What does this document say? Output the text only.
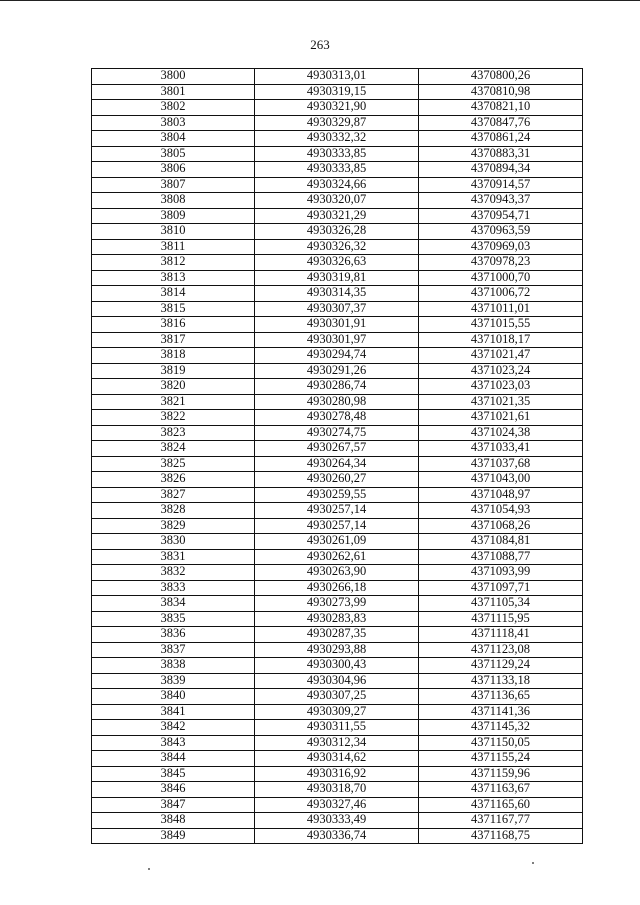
263
3800	4930313,01	4370800,26
3801	4930319,15	4370810,98
3802	4930321,90	4370821,10
3803	4930329,87	4370847,76
3804	4930332,32	4370861,24
3805	4930333,85	4370883,31
3806	4930333,85	4370894,34
3807	4930324,66	4370914,57
3808	4930320,07	4370943,37
3809	4930321,29	4370954,71
3810	4930326,28	4370963,59
3811	4930326,32	4370969,03
3812	4930326,63	4370978,23
3813	4930319,81	4371000,70
3814	4930314,35	4371006,72
3815	4930307,37	4371011,01
3816	4930301,91	4371015,55
3817	4930301,97	4371018,17
3818	4930294,74	4371021,47
3819	4930291,26	4371023,24
3820	4930286,74	4371023,03
3821	4930280,98	4371021,35
3822	4930278,48	4371021,61
3823	4930274,75	4371024,38
3824	4930267,57	4371033,41
3825	4930264,34	4371037,68
3826	4930260,27	4371043,00
3827	4930259,55	4371048,97
3828	4930257,14	4371054,93
3829	4930257,14	4371068,26
3830	4930261,09	4371084,81
3831	4930262,61	4371088,77
3832	4930263,90	4371093,99
3833	4930266,18	4371097,71
3834	4930273,99	4371105,34
3835	4930283,83	4371115,95
3836	4930287,35	4371118,41
3837	4930293,88	4371123,08
3838	4930300,43	4371129,24
3839	4930304,96	4371133,18
3840	4930307,25	4371136,65
3841	4930309,27	4371141,36
3842	4930311,55	4371145,32
3843	4930312,34	4371150,05
3844	4930314,62	4371155,24
3845	4930316,92	4371159,96
3846	4930318,70	4371163,67
3847	4930327,46	4371165,60
3848	4930333,49	4371167,77
3849	4930336,74	4371168,75
